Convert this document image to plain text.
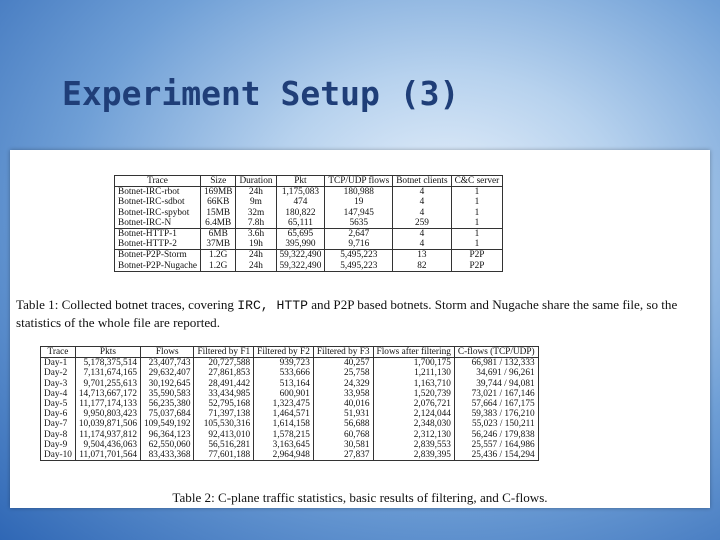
Experiment Setup (3)
Trace	Size	Duration	Pkt	TCP/UDP flows	Botnet clients	C&C server
Botnet-IRC-rbot	169MB	24h	1,175,083	180,988	4	1
Botnet-IRC-sdbot	66KB	9m	474	19	4	1
Botnet-IRC-spybot	15MB	32m	180,822	147,945	4	1
Botnet-IRC-N	6.4MB	7.8h	65,111	5635	259	1
Botnet-HTTP-1	6MB	3.6h	65,695	2,647	4	1
Botnet-HTTP-2	37MB	19h	395,990	9,716	4	1
Botnet-P2P-Storm	1.2G	24h	59,322,490	5,495,223	13	P2P
Botnet-P2P-Nugache	1.2G	24h	59,322,490	5,495,223	82	P2P

Table 1: Collected botnet traces, covering IRC, HTTP and P2P based botnets. Storm and Nugache share the same file, so the statistics of the whole file are reported.

Trace	Pkts	Flows	Filtered by F1	Filtered by F2	Filtered by F3	Flows after filtering	C-flows (TCP/UDP)
Day-1	5,178,375,514	23,407,743	20,727,588	939,723	40,257	1,700,175	66,981 / 132,333
Day-2	7,131,674,165	29,632,407	27,861,853	533,666	25,758	1,211,130	34,691 / 96,261
Day-3	9,701,255,613	30,192,645	28,491,442	513,164	24,329	1,163,710	39,744 / 94,081
Day-4	14,713,667,172	35,590,583	33,434,985	600,901	33,958	1,520,739	73,021 / 167,146
Day-5	11,177,174,133	56,235,380	52,795,168	1,323,475	40,016	2,076,721	57,664 / 167,175
Day-6	9,950,803,423	75,037,684	71,397,138	1,464,571	51,931	2,124,044	59,383 / 176,210
Day-7	10,039,871,506	109,549,192	105,530,316	1,614,158	56,688	2,348,030	55,023 / 150,211
Day-8	11,174,937,812	96,364,123	92,413,010	1,578,215	60,768	2,312,130	56,246 / 179,838
Day-9	9,504,436,063	62,550,060	56,516,281	3,163,645	30,581	2,839,553	25,557 / 164,986
Day-10	11,071,701,564	83,433,368	77,601,188	2,964,948	27,837	2,839,395	25,436 / 154,294

Table 2: C-plane traffic statistics, basic results of filtering, and C-flows.
